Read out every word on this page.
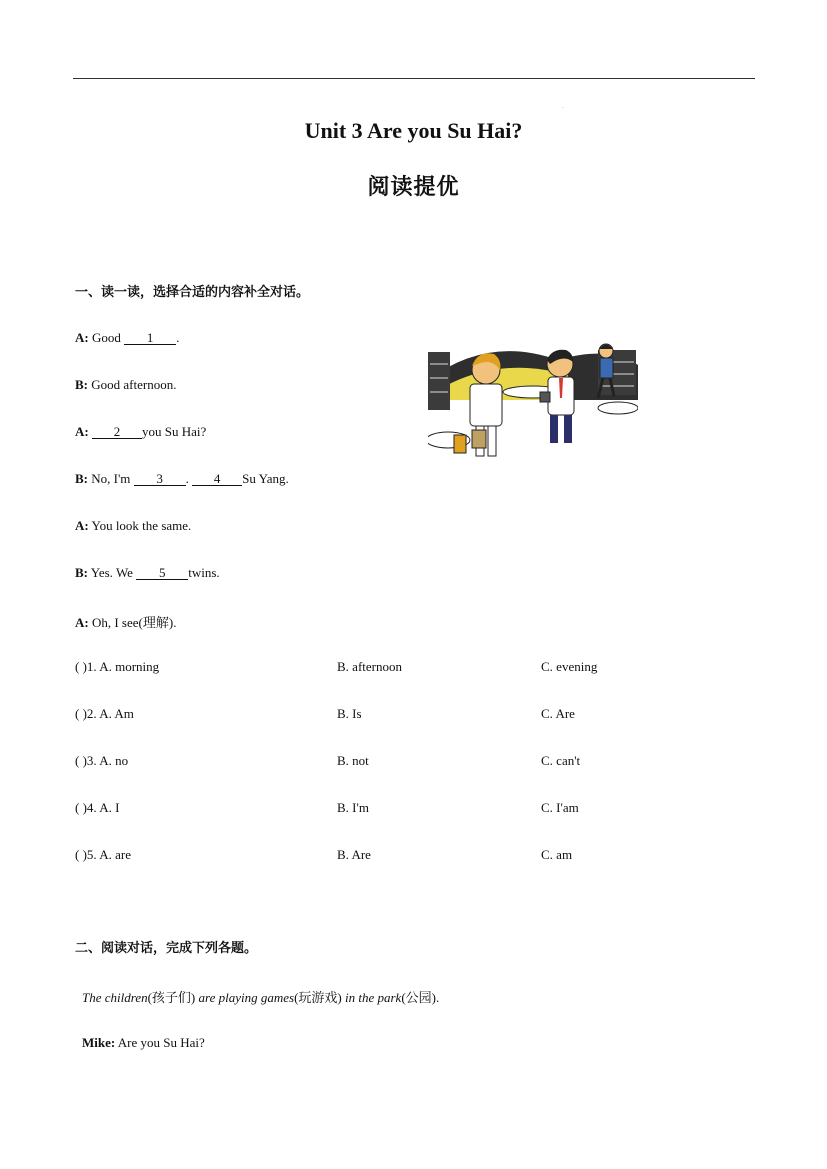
.
Unit 3 Are you Su Hai?
阅读提优
一、读一读，选择合适的内容补全对话。
A: Good 1 .
B: Good afternoon.
A: 2 you Su Hai?
B: No, I'm 3 . 4 Su Yang.
A: You look the same.
B: Yes. We 5 twins.
A: Oh, I see(理解).
( )1. A. morning	B. afternoon	C. evening
( )2. A. Am	B. Is	C. Are
( )3. A. no	B. not	C. can't
( )4. A. I	B. I'm	C. I'am
( )5. A. are	B. Are	C. am
二、阅读对话，完成下列各题。
The children(孩子们) are playing games(玩游戏) in the park(公园).
Mike: Are you Su Hai?
